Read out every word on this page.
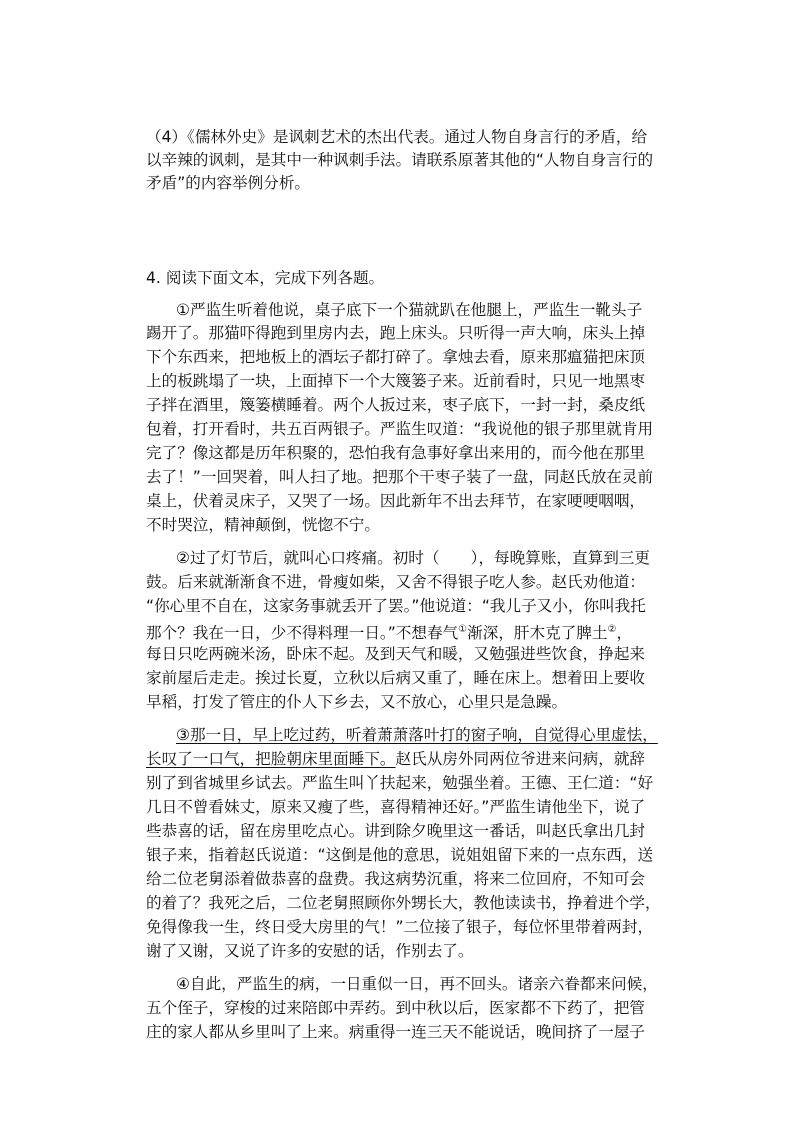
（4）《儒林外史》是讽刺艺术的杰出代表。通过人物自身言行的矛盾，给
以辛辣的讽刺，是其中一种讽刺手法。请联系原著其他的“人物自身言行的
矛盾”的内容举例分析。
4. 阅读下面文本，完成下列各题。
①严监生听着他说，桌子底下一个猫就趴在他腿上，严监生一靴头子
踢开了。那猫吓得跑到里房内去，跑上床头。只听得一声大响，床头上掉
下个东西来，把地板上的酒坛子都打碎了。拿烛去看，原来那瘟猫把床顶
上的板跳塌了一块，上面掉下一个大篾篓子来。近前看时，只见一地黑枣
子拌在酒里，篾篓横睡着。两个人扳过来，枣子底下，一封一封，桑皮纸
包着，打开看时，共五百两银子。严监生叹道：“我说他的银子那里就肯用
完了？像这都是历年积聚的，恐怕我有急事好拿出来用的，而今他在那里
去了！”一回哭着，叫人扫了地。把那个干枣子装了一盘，同赵氏放在灵前
桌上，伏着灵床子，又哭了一场。因此新年不出去拜节，在家哽哽咽咽，
不时哭泣，精神颠倒，恍惚不宁。
②过了灯节后，就叫心口疼痛。初时（　　），每晚算账，直算到三更
鼓。后来就渐渐食不进，骨瘦如柴，又舍不得银子吃人参。赵氏劝他道：
“你心里不自在，这家务事就丢开了罢。”他说道：“我儿子又小，你叫我托
那个？我在一日，少不得料理一日。”不想春气①渐深，肝木克了脾土②，
每日只吃两碗米汤，卧床不起。及到天气和暖，又勉强进些饮食，挣起来
家前屋后走走。挨过长夏，立秋以后病又重了，睡在床上。想着田上要收
早稻，打发了管庄的仆人下乡去，又不放心，心里只是急躁。
③那一日，早上吃过药，听着萧萧落叶打的窗子响，自觉得心里虚怯，
长叹了一口气，把脸朝床里面睡下。赵氏从房外同两位爷进来问病，就辞
别了到省城里乡试去。严监生叫丫扶起来，勉强坐着。王德、王仁道：“好
几日不曾看妹丈，原来又瘦了些，喜得精神还好。”严监生请他坐下，说了
些恭喜的话，留在房里吃点心。讲到除夕晚里这一番话，叫赵氏拿出几封
银子来，指着赵氏说道：“这倒是他的意思，说姐姐留下来的一点东西，送
给二位老舅添着做恭喜的盘费。我这病势沉重，将来二位回府，不知可会
的着了？我死之后，二位老舅照顾你外甥长大，教他读读书，挣着进个学，
免得像我一生，终日受大房里的气！”二位接了银子，每位怀里带着两封，
谢了又谢，又说了许多的安慰的话，作别去了。
④自此，严监生的病，一日重似一日，再不回头。诸亲六眷都来问候，
五个侄子，穿梭的过来陪郎中弄药。到中秋以后，医家都不下药了，把管
庄的家人都从乡里叫了上来。病重得一连三天不能说话，晚间挤了一屋子
